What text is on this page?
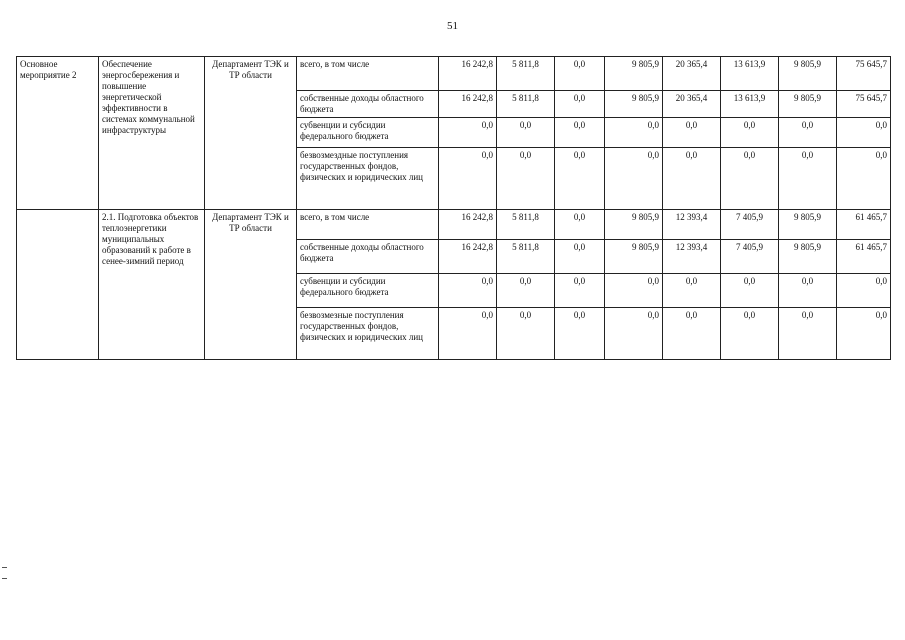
51
Основное мероприятие 2	Обеспечение энергосбережения и повышение энергетической эффективности в системах коммунальной инфраструктуры	Департамент ТЭК и ТР области	всего, в том числе	16 242,8	5 811,8	0,0	9 805,9	20 365,4	13 613,9	9 805,9	75 645,7
			собственные доходы областного бюджета	16 242,8	5 811,8	0,0	9 805,9	20 365,4	13 613,9	9 805,9	75 645,7
			субвенции и субсидии федерального бюджета	0,0	0,0	0,0	0,0	0,0	0,0	0,0	0,0
			безвозмездные поступления государственных фондов, физических и юридических лиц	0,0	0,0	0,0	0,0	0,0	0,0	0,0	0,0
	2.1. Подготовка объектов теплоэнергетики муниципальных образований к работе в сенее-зимний период	Департамент ТЭК и ТР области	всего, в том числе	16 242,8	5 811,8	0,0	9 805,9	12 393,4	7 405,9	9 805,9	61 465,7
			собственные доходы областного бюджета	16 242,8	5 811,8	0,0	9 805,9	12 393,4	7 405,9	9 805,9	61 465,7
			субвенции и субсидии федерального бюджета	0,0	0,0	0,0	0,0	0,0	0,0	0,0	0,0
			безвозмезные поступления государственных фондов, физических и юридических лиц	0,0	0,0	0,0	0,0	0,0	0,0	0,0	0,0
